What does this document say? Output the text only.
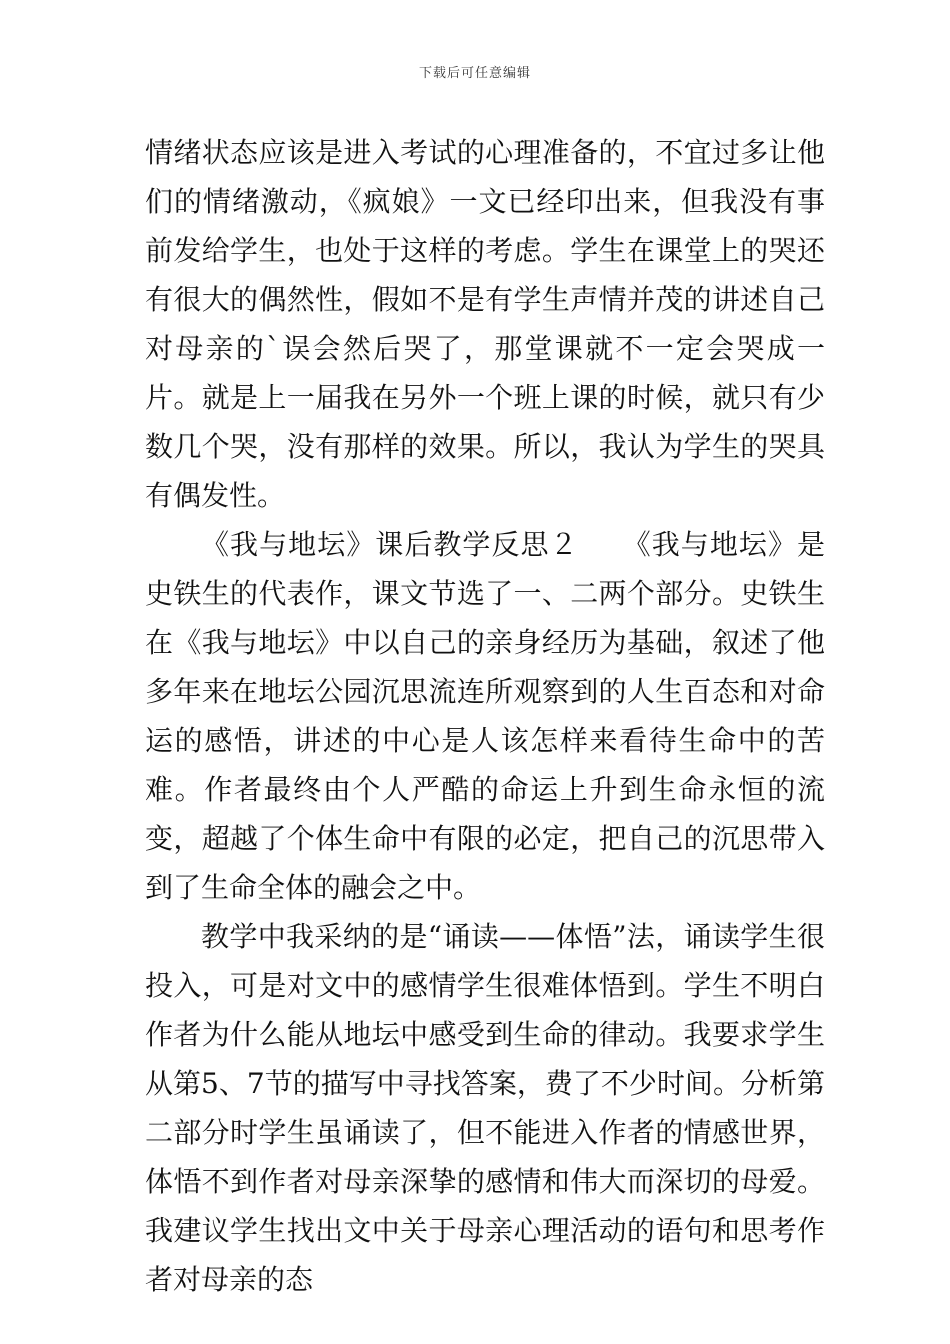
下载后可任意编辑

情绪状态应该是进入考试的心理准备的，不宜过多让他们的情绪激动，《疯娘》一文已经印出来，但我没有事前发给学生，也处于这样的考虑。学生在课堂上的哭还有很大的偶然性，假如不是有学生声情并茂的讲述自己对母亲的`误会然后哭了，那堂课就不一定会哭成一片。就是上一届我在另外一个班上课的时候，就只有少数几个哭，没有那样的效果。所以，我认为学生的哭具有偶发性。

《我与地坛》课后教学反思２　　《我与地坛》是史铁生的代表作，课文节选了一、二两个部分。史铁生在《我与地坛》中以自己的亲身经历为基础，叙述了他多年来在地坛公园沉思流连所观察到的人生百态和对命运的感悟，讲述的中心是人该怎样来看待生命中的苦难。作者最终由个人严酷的命运上升到生命永恒的流变，超越了个体生命中有限的必定，把自己的沉思带入到了生命全体的融会之中。

教学中我采纳的是“诵读——体悟”法，诵读学生很投入，可是对文中的感情学生很难体悟到。学生不明白作者为什么能从地坛中感受到生命的律动。我要求学生从第5、7节的描写中寻找答案，费了不少时间。分析第二部分时学生虽诵读了，但不能进入作者的情感世界，体悟不到作者对母亲深挚的感情和伟大而深切的母爱。我建议学生找出文中关于母亲心理活动的语句和思考作者对母亲的态
